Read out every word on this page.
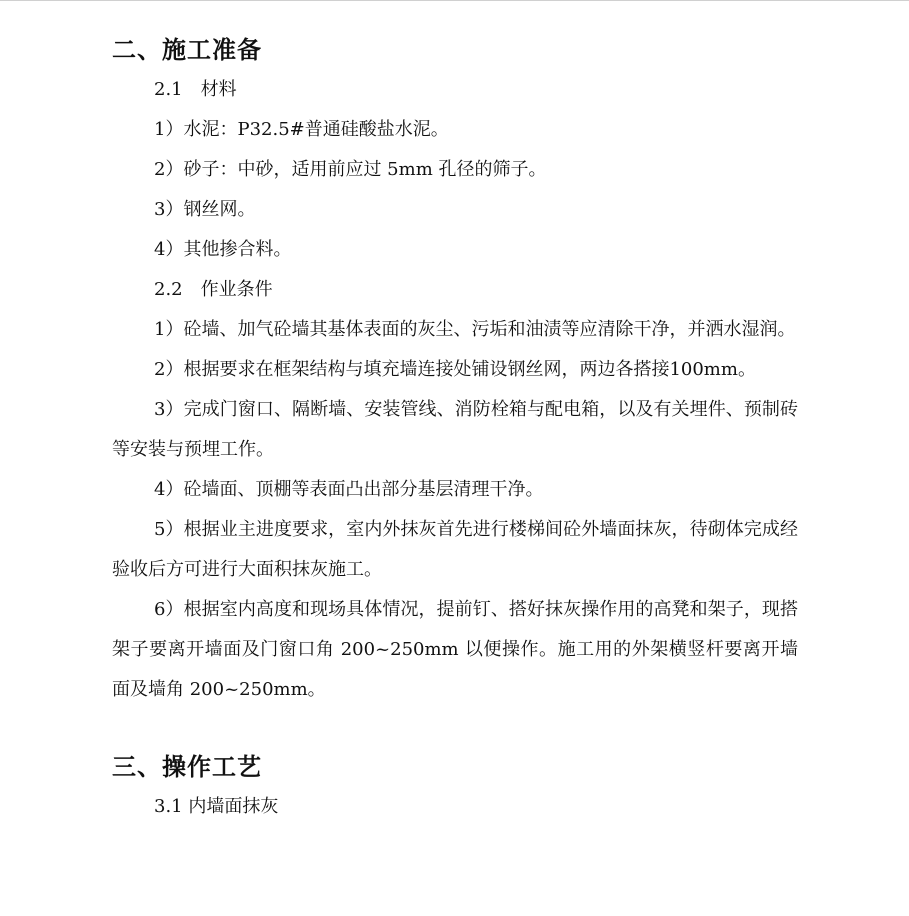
二、施工准备

2.1　材料

1）水泥：P32.5#普通硅酸盐水泥。

2）砂子：中砂，适用前应过 5mm 孔径的筛子。

3）钢丝网。

4）其他掺合料。

2.2　作业条件

1）砼墙、加气砼墙其基体表面的灰尘、污垢和油渍等应清除干净，并洒水湿润。

2）根据要求在框架结构与填充墙连接处铺设钢丝网，两边各搭接100mm。

3）完成门窗口、隔断墙、安装管线、消防栓箱与配电箱，以及有关埋件、预制砖等安装与预埋工作。

4）砼墙面、顶棚等表面凸出部分基层清理干净。

5）根据业主进度要求，室内外抹灰首先进行楼梯间砼外墙面抹灰，待砌体完成经验收后方可进行大面积抹灰施工。

6）根据室内高度和现场具体情况，提前钉、搭好抹灰操作用的高凳和架子，现搭架子要离开墙面及门窗口角 200~250mm 以便操作。施工用的外架横竖杆要离开墙面及墙角 200~250mm。

三、操作工艺

3.1 内墙面抹灰
